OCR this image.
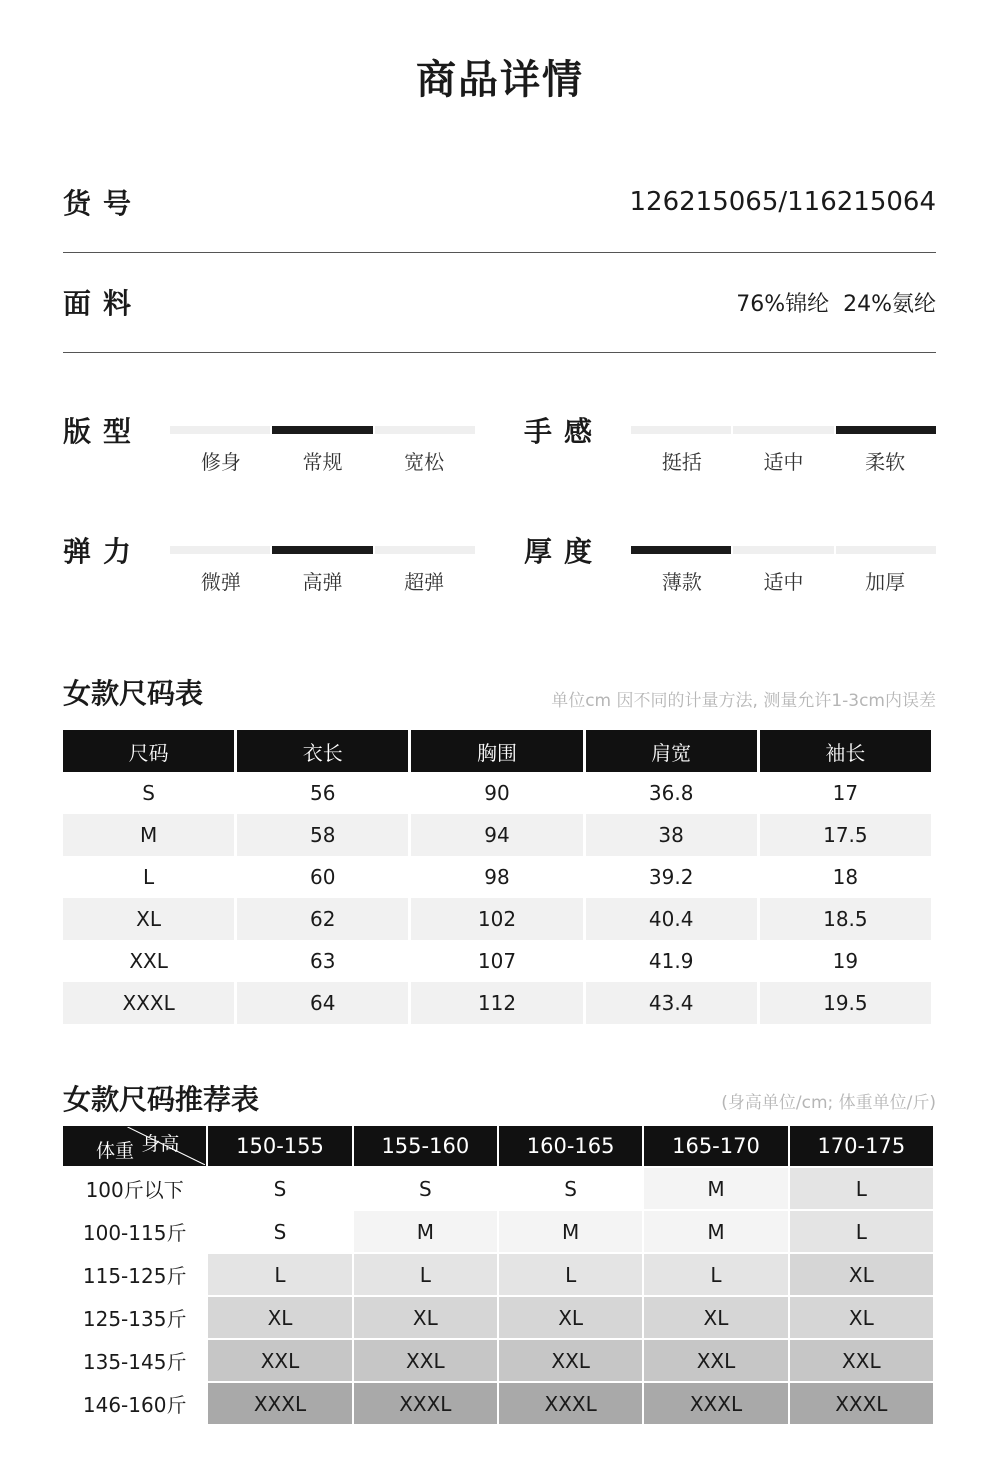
商品详情
货号	126215065/116215064
面料	76%锦纶  24%氨纶
版型
修身	常规	宽松
手感
挺括	适中	柔软
弹力
微弹	高弹	超弹
厚度
薄款	适中	加厚
女款尺码表	单位cm 因不同的计量方法, 测量允许1-3cm内误差
尺码	衣长	胸围	肩宽	袖长
S	56	90	36.8	17
M	58	94	38	17.5
L	60	98	39.2	18
XL	62	102	40.4	18.5
XXL	63	107	41.9	19
XXXL	64	112	43.4	19.5
女款尺码推荐表	(身高单位/cm; 体重单位/斤)
体重 身高	150-155	155-160	160-165	165-170	170-175
100斤以下	S	S	S	M	L
100-115斤	S	M	M	M	L
115-125斤	L	L	L	L	XL
125-135斤	XL	XL	XL	XL	XL
135-145斤	XXL	XXL	XXL	XXL	XXL
146-160斤	XXXL	XXXL	XXXL	XXXL	XXXL
